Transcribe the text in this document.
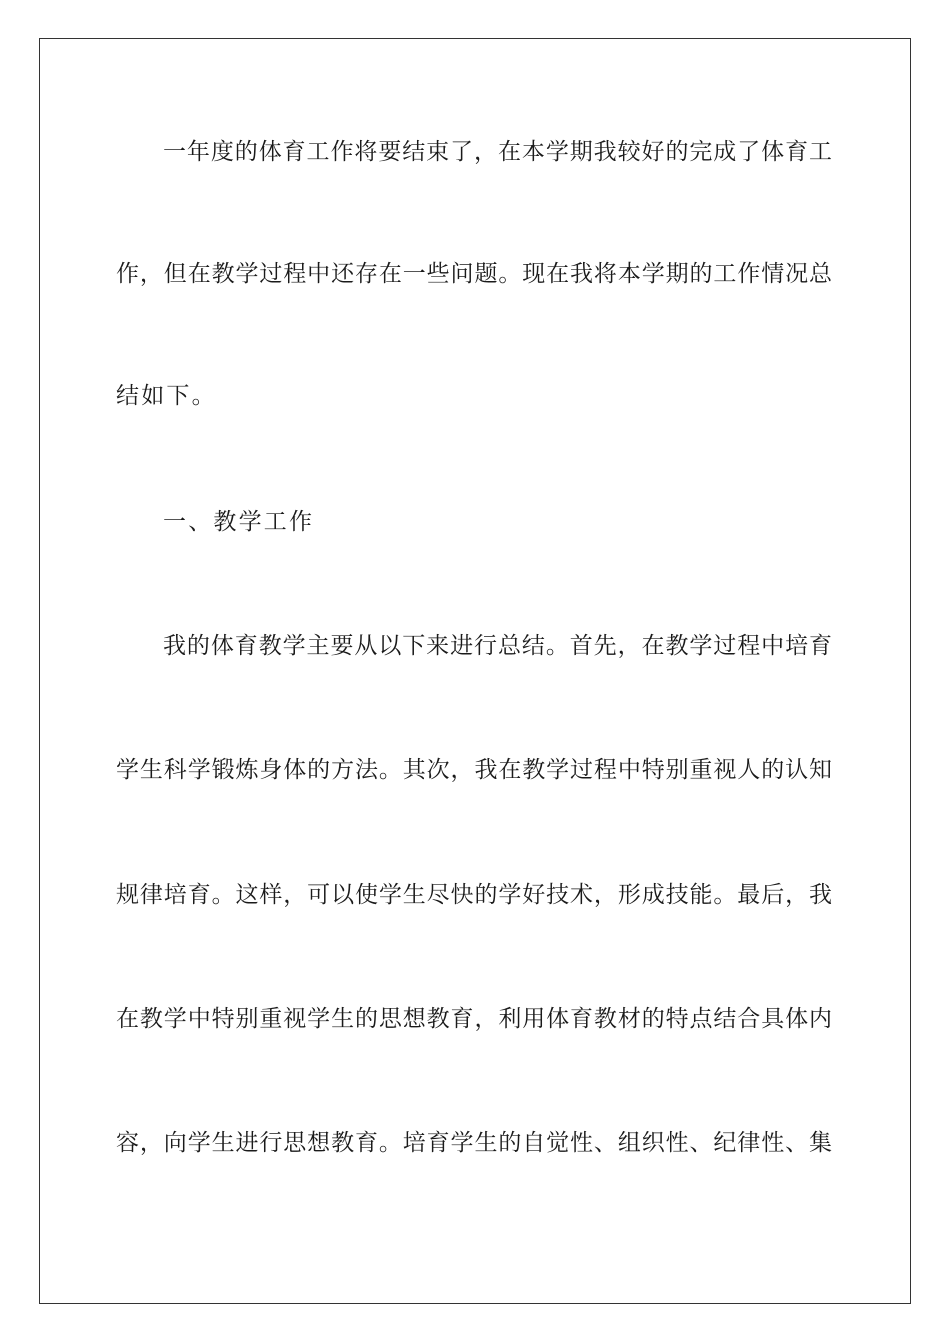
一年度的体育工作将要结束了，在本学期我较好的完成了体育工
作，但在教学过程中还存在一些问题。现在我将本学期的工作情况总
结如下。
一、教学工作
我的体育教学主要从以下来进行总结。首先，在教学过程中培育
学生科学锻炼身体的方法。其次，我在教学过程中特别重视人的认知
规律培育。这样，可以使学生尽快的学好技术，形成技能。最后，我
在教学中特别重视学生的思想教育，利用体育教材的特点结合具体内
容，向学生进行思想教育。培育学生的自觉性、组织性、纪律性、集
